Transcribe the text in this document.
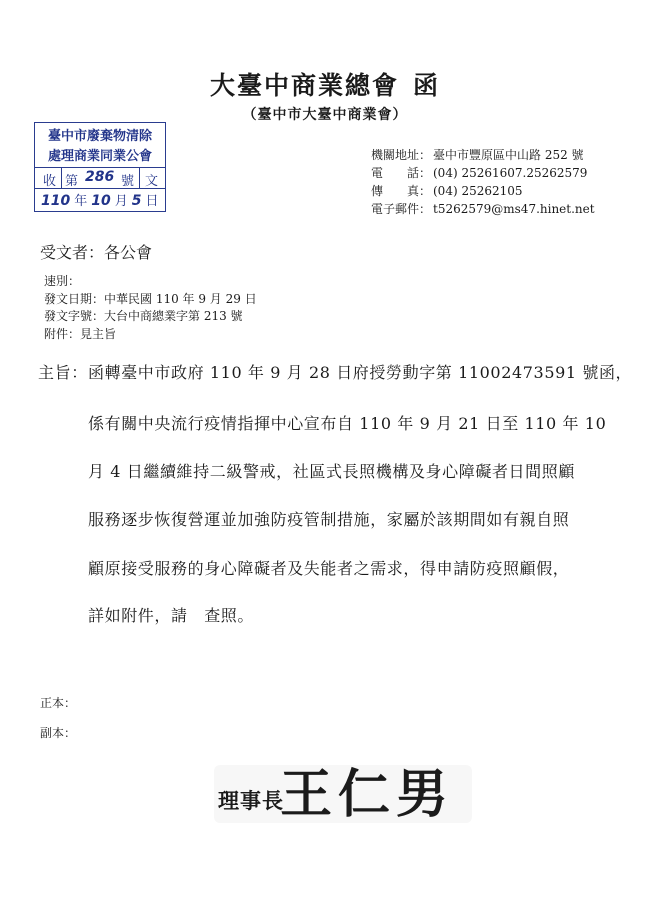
大臺中商業總會 函
（臺中市大臺中商業會）
臺中市廢棄物清除
處理商業同業公會
收 第 286 號 文
110 年 10 月 5 日
機關地址： 臺中市豐原區中山路 252 號
電　　話： (04) 25261607.25262579
傳　　真： (04) 25262105
電子郵件： t5262579@ms47.hinet.net
受文者：各公會
速別：
發文日期：中華民國 110 年 9 月 29 日
發文字號：大台中商總業字第 213 號
附件：見主旨
主旨： 函轉臺中市政府 110 年 9 月 28 日府授勞動字第 11002473591 號函，
係有關中央流行疫情指揮中心宣布自 110 年 9 月 21 日至 110 年 10
月 4 日繼續維持二級警戒，社區式長照機構及身心障礙者日間照顧
服務逐步恢復營運並加強防疫管制措施，家屬於該期間如有親自照
顧原接受服務的身心障礙者及失能者之需求，得申請防疫照顧假，
詳如附件，請　查照。
正本：
副本：
理事長
王仁男
